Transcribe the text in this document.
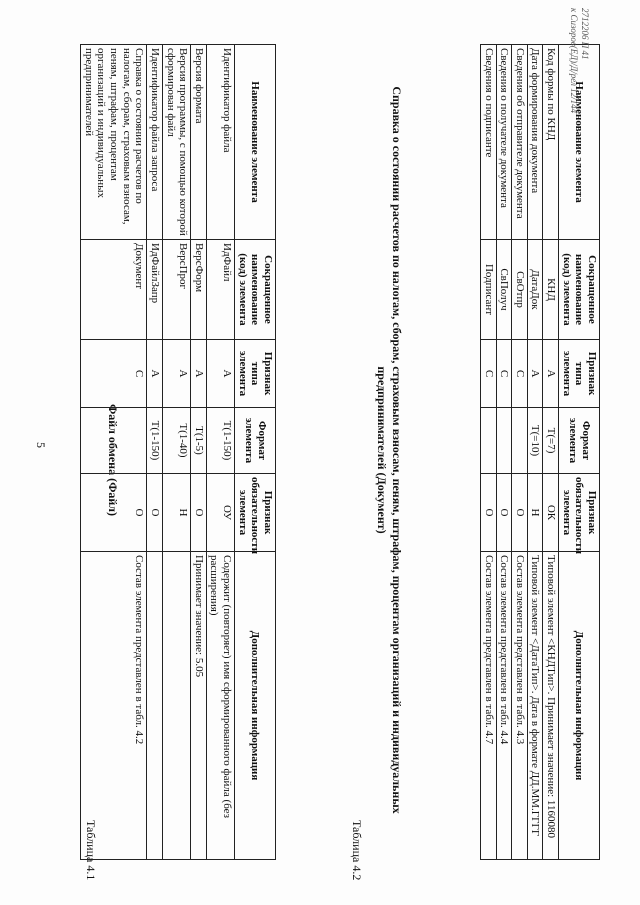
5
Таблица 4.1
Файл обмена (Файл)
Наименование элемента	Сокращенное наименование (код) элемента	Признак типа элемента	Формат элемента	Признак обязательности элемента	Дополнительная информация
Идентификатор файла	ИдФайл	А	Т(1-150)	ОУ	Содержит (повторяет) имя сформированного файла (без расширения)
Версия формата	ВерсФорм	А	Т(1-5)	О	Принимает значение: 5.05
Версия программы, с помощью которой сформирован файл	ВерсПрог	А	Т(1-40)	Н	
Идентификатор файла запроса	ИдФайлЗапр	А	Т(1-150)	О	
Справка о состоянии расчетов по налогам, сборам, страховым взносам, пеням, штрафам, процентам организаций и индивидуальных предпринимателей	Документ	С		О	Состав элемента представлен в табл. 4.2
Таблица 4.2
Справка о состоянии расчетов по налогам, сборам, страховым взносам, пеням, штрафам, процентам организаций и индивидуальных предпринимателей (Документ)
Наименование элемента	Сокращенное наименование (код) элемента	Признак типа элемента	Формат элемента	Признак обязательности элемента	Дополнительная информация
Код формы по КНД	КНД	А	Т(=7)	ОК	Типовой элемент <КНДТип>. Принимает значение: 1160080
Дата формирования документа	ДатаДок	А	Т(=10)	Н	Типовой элемент <ДатаТип>. Дата в формате ДД.ММ.ГГГГ
Сведения об отправителе документа	СвОтпр	С		О	Состав элемента представлен в табл. 4.3
Сведения о получателе документа	СвПолуч	С		О	Состав элемента представлен в табл. 4.4
Сведения о подписанте	Подписант	С		О	Состав элемента представлен в табл. 4.7
2712206 П 41
к Сизоров(ЕД)/Д/рел 12/144
